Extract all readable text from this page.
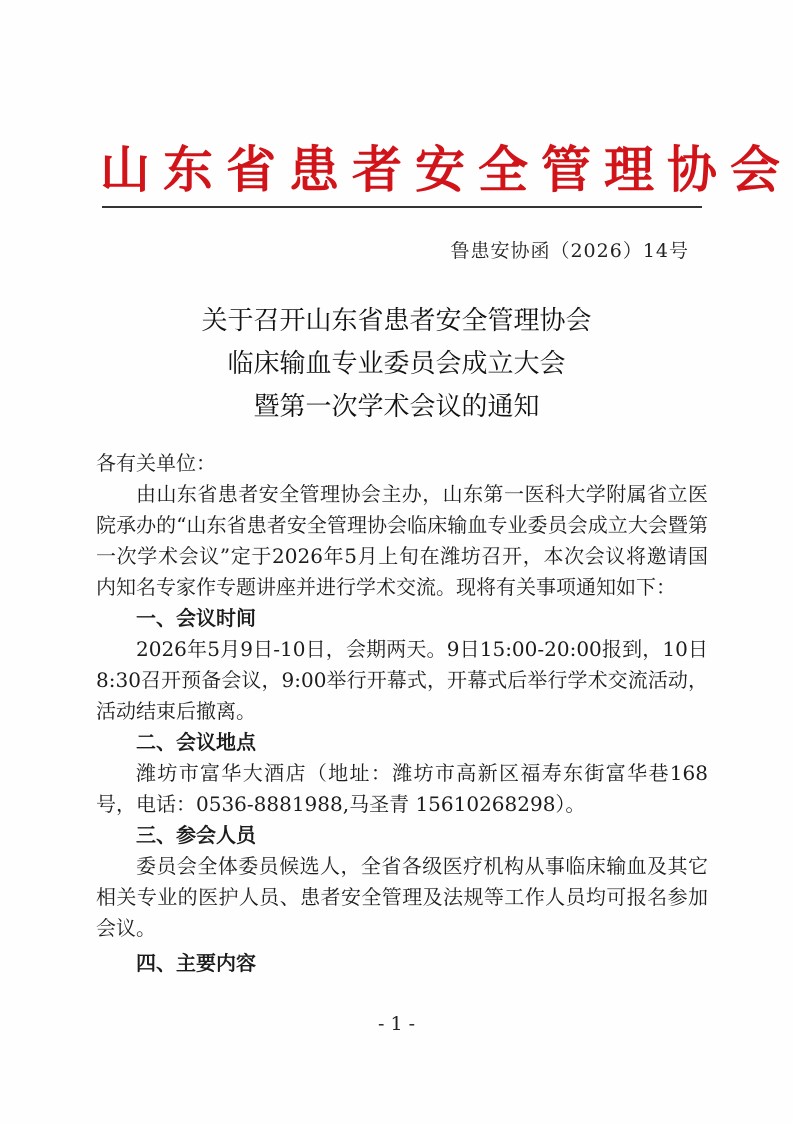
山东省患者安全管理协会
鲁患安协函（2026）14号
关于召开山东省患者安全管理协会
临床输血专业委员会成立大会
暨第一次学术会议的通知

各有关单位：

由山东省患者安全管理协会主办，山东第一医科大学附属省立医院承办的“山东省患者安全管理协会临床输血专业委员会成立大会暨第一次学术会议”定于2026年5月上旬在潍坊召开，本次会议将邀请国内知名专家作专题讲座并进行学术交流。现将有关事项通知如下：

一、会议时间

2026年5月9日-10日，会期两天。9日15:00-20:00报到，10日8:30召开预备会议，9:00举行开幕式，开幕式后举行学术交流活动，活动结束后撤离。

二、会议地点

潍坊市富华大酒店（地址：潍坊市高新区福寿东街富华巷168号，电话：0536-8881988,马圣青 15610268298）。

三、参会人员

委员会全体委员候选人，全省各级医疗机构从事临床输血及其它相关专业的医护人员、患者安全管理及法规等工作人员均可报名参加会议。

四、主要内容

- 1 -
